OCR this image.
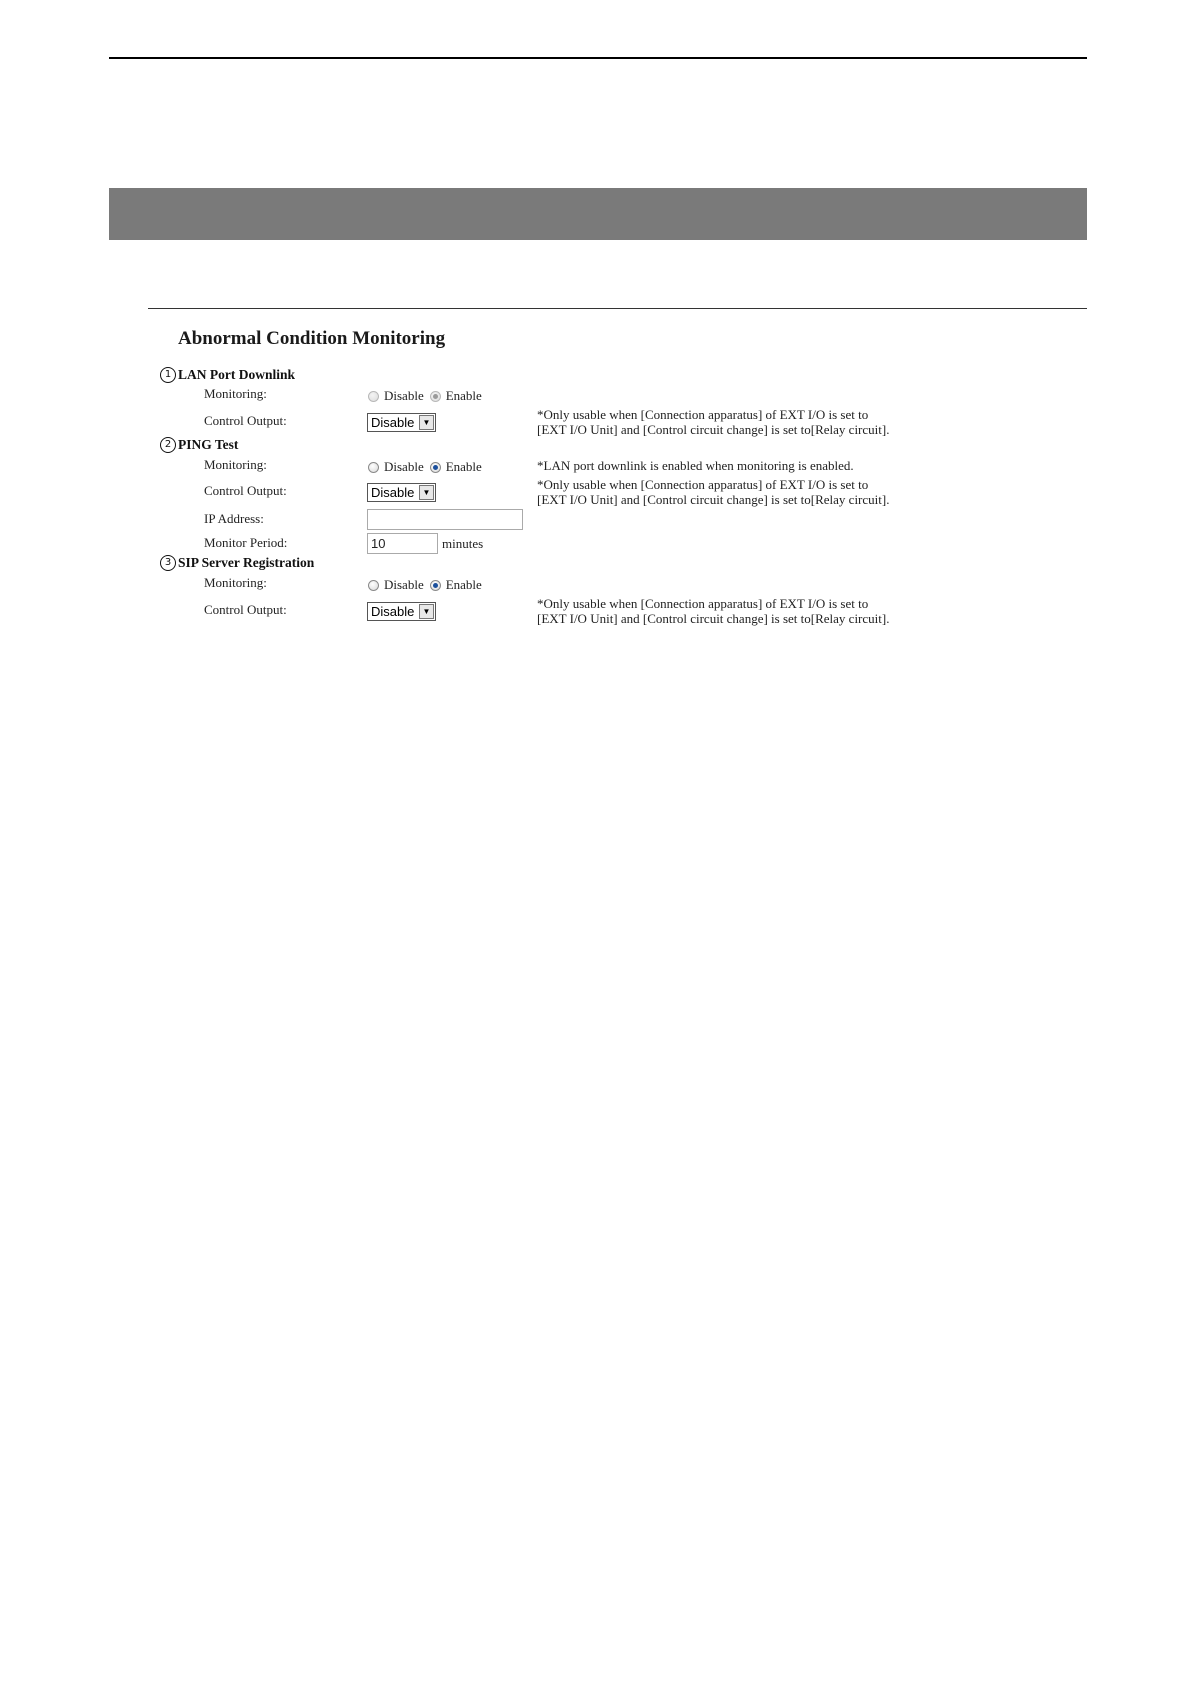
Abnormal Condition Monitoring
1 LAN Port Downlink
Monitoring:	Disable Enable
Control Output:	Disable	▼
*Only usable when [Connection apparatus] of EXT I/O is set to
[EXT I/O Unit] and [Control circuit change] is set to[Relay circuit].
2 PING Test
Monitoring:	Disable Enable	*LAN port downlink is enabled when monitoring is enabled.
Control Output:	Disable	▼
*Only usable when [Connection apparatus] of EXT I/O is set to
[EXT I/O Unit] and [Control circuit change] is set to[Relay circuit].
IP Address:
Monitor Period:	10	minutes
3 SIP Server Registration
Monitoring:	Disable Enable
Control Output:	Disable	▼
*Only usable when [Connection apparatus] of EXT I/O is set to
[EXT I/O Unit] and [Control circuit change] is set to[Relay circuit].
